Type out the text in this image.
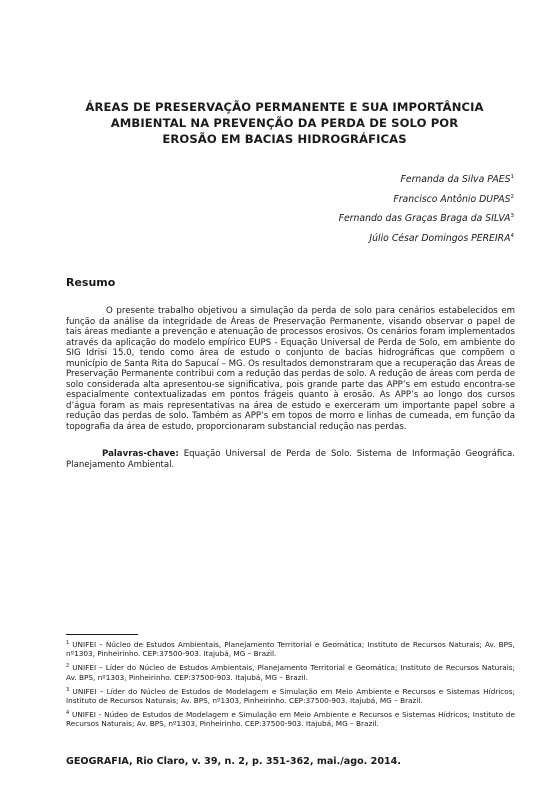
ÁREAS DE PRESERVAÇÃO PERMANENTE E SUA IMPORTÂNCIA
AMBIENTAL NA PREVENÇÃO DA PERDA DE SOLO POR
EROSÃO EM BACIAS HIDROGRÁFICAS
Fernanda da Silva PAES$^1$
Francisco Antônio DUPAS$^2$
Fernando das Graças Braga da SILVA$^3$
Júlio César Domingos PEREIRA$^4$
Resumo

O presente trabalho objetivou a simulação da perda de solo para cenários estabelecidos em função da análise da integridade de Áreas de Preservação Permanente, visando observar o papel de tais áreas mediante a prevenção e atenuação de processos erosivos. Os cenários foram implementados através da aplicação do modelo empírico EUPS - Equação Universal de Perda de Solo, em ambiente do SIG Idrisi 15.0, tendo como área de estudo o conjunto de bacias hidrográficas que compõem o município de Santa Rita do Sapucaí – MG. Os resultados demonstraram que a recuperação das Áreas de Preservação Permanente contribui com a redução das perdas de solo. A redução de áreas com perda de solo considerada alta apresentou-se significativa, pois grande parte das APP’s em estudo encontra-se espacialmente contextualizadas em pontos frágeis quanto à erosão. As APP’s ao longo dos cursos d’água foram as mais representativas na área de estudo e exerceram um importante papel sobre a redução das perdas de solo. Também as APP’s em topos de morro e linhas de cumeada, em função da topografia da área de estudo, proporcionaram substancial redução nas perdas.

Palavras-chave: Equação Universal de Perda de Solo. Sistema de Informação Geográfica. Planejamento Ambiental.

$^1$ UNIFEI – Núcleo de Estudos Ambientais, Planejamento Territorial e Geomática; Instituto de Recursos Naturais; Av. BPS, nº1303, Pinheirinho. CEP:37500-903. Itajubá, MG – Brazil.

$^2$ UNIFEI – Líder do Núcleo de Estudos Ambientais, Planejamento Territorial e Geomática; Instituto de Recursos Naturais; Av. BPS, nº1303, Pinheirinho. CEP:37500-903. Itajubá, MG – Brazil.

$^3$ UNIFEI – Líder do Núcleo de Estudos de Modelagem e Simulação em Meio Ambiente e Recursos e Sistemas Hídricos; Instituto de Recursos Naturais; Av. BPS, nº1303, Pinheirinho. CEP:37500-903. Itajubá, MG – Brazil.

$^4$ UNIFEI - Núdeo de Estudos de Modelagem e Simulação em Meio Ambiente e Recursos e Sistemas Hídricos; Instituto de Recursos Naturais; Av. BPS, nº1303, Pinheirinho. CEP:37500-903. Itajubá, MG – Brazil.

GEOGRAFIA, Rio Claro, v. 39, n. 2, p. 351-362, mai./ago. 2014.
